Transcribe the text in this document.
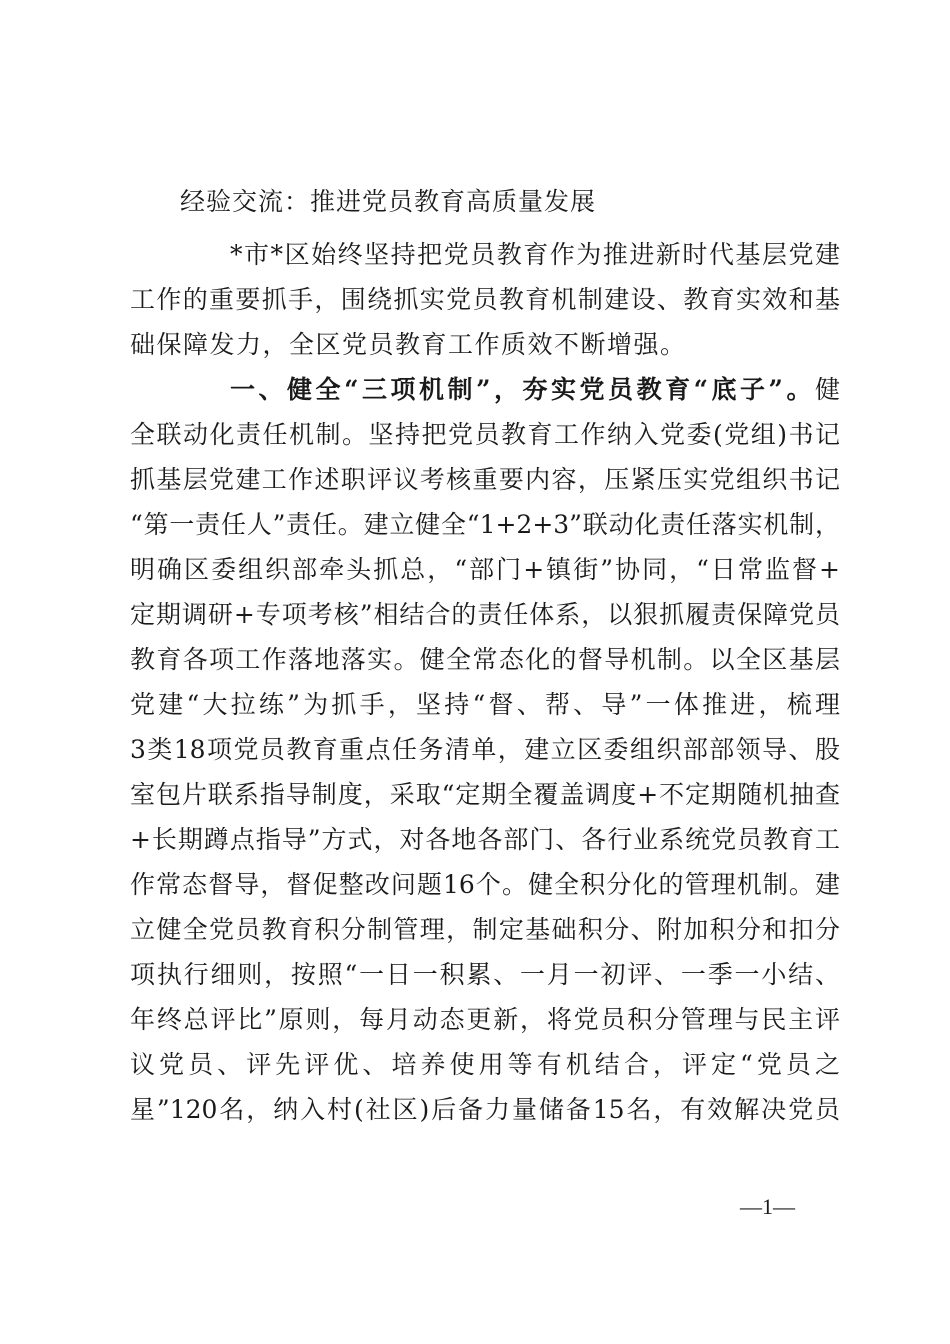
经验交流：推进党员教育高质量发展
*市*区始终坚持把党员教育作为推进新时代基层党建
工作的重要抓手，围绕抓实党员教育机制建设、教育实效和基
础保障发力，全区党员教育工作质效不断增强。
一、健全“三项机制”，夯实党员教育“底子”。健
全联动化责任机制。坚持把党员教育工作纳入党委(党组)书记
抓基层党建工作述职评议考核重要内容，压紧压实党组织书记
“第一责任人”责任。建立健全“1+2+3”联动化责任落实机制，
明确区委组织部牵头抓总，“部门+镇街”协同，“日常监督+
定期调研+专项考核”相结合的责任体系，以狠抓履责保障党员
教育各项工作落地落实。健全常态化的督导机制。以全区基层
党建“大拉练”为抓手，坚持“督、帮、导”一体推进，梳理
3类18项党员教育重点任务清单，建立区委组织部部领导、股
室包片联系指导制度，采取“定期全覆盖调度+不定期随机抽查
+长期蹲点指导”方式，对各地各部门、各行业系统党员教育工
作常态督导，督促整改问题16个。健全积分化的管理机制。建
立健全党员教育积分制管理，制定基础积分、附加积分和扣分
项执行细则，按照“一日一积累、一月一初评、一季一小结、
年终总评比”原则，每月动态更新，将党员积分管理与民主评
议党员、评先评优、培养使用等有机结合，评定“党员之
星”120名，纳入村(社区)后备力量储备15名，有效解决党员
—1—
